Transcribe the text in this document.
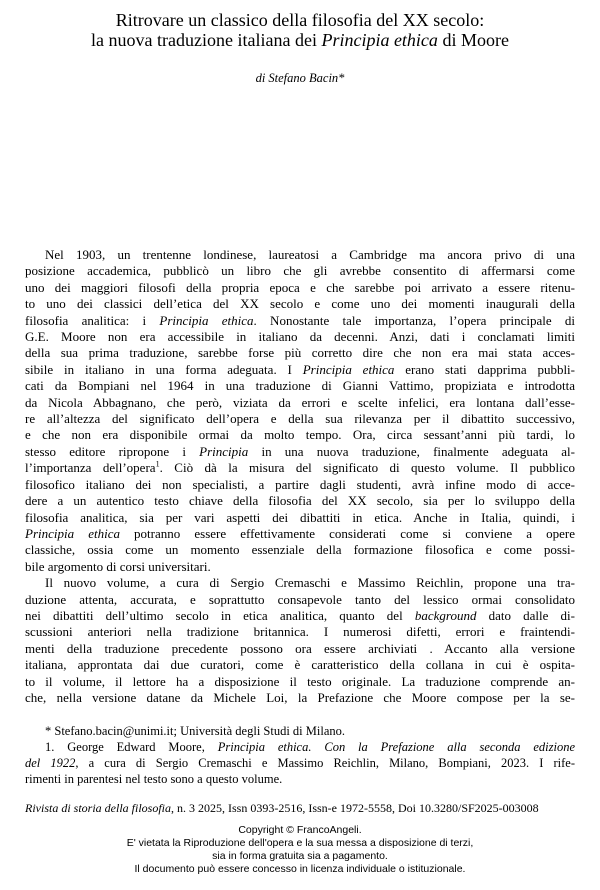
Ritrovare un classico della filosofia del XX secolo:
la nuova traduzione italiana dei Principia ethica di Moore
di Stefano Bacin*
Nel 1903, un trentenne londinese, laureatosi a Cambridge ma ancora privo di una
posizione accademica, pubblicò un libro che gli avrebbe consentito di affermarsi come
uno dei maggiori filosofi della propria epoca e che sarebbe poi arrivato a essere ritenu-
to uno dei classici dell’etica del XX secolo e come uno dei momenti inaugurali della
filosofia analitica: i Principia ethica. Nonostante tale importanza, l’opera principale di
G.E. Moore non era accessibile in italiano da decenni. Anzi, dati i conclamati limiti
della sua prima traduzione, sarebbe forse più corretto dire che non era mai stata acces-
sibile in italiano in una forma adeguata. I Principia ethica erano stati dapprima pubbli-
cati da Bompiani nel 1964 in una traduzione di Gianni Vattimo, propiziata e introdotta
da Nicola Abbagnano, che però, viziata da errori e scelte infelici, era lontana dall’esse-
re all’altezza del significato dell’opera e della sua rilevanza per il dibattito successivo,
e che non era disponibile ormai da molto tempo. Ora, circa sessant’anni più tardi, lo
stesso editore ripropone i Principia in una nuova traduzione, finalmente adeguata al-
l’importanza dell’opera$^1$. Ciò dà la misura del significato di questo volume. Il pubblico
filosofico italiano dei non specialisti, a partire dagli studenti, avrà infine modo di acce-
dere a un autentico testo chiave della filosofia del XX secolo, sia per lo sviluppo della
filosofia analitica, sia per vari aspetti dei dibattiti in etica. Anche in Italia, quindi, i
Principia ethica potranno essere effettivamente considerati come si conviene a opere
classiche, ossia come un momento essenziale della formazione filosofica e come possi-
bile argomento di corsi universitari.
Il nuovo volume, a cura di Sergio Cremaschi e Massimo Reichlin, propone una tra-
duzione attenta, accurata, e soprattutto consapevole tanto del lessico ormai consolidato
nei dibattiti dell’ultimo secolo in etica analitica, quanto del background dato dalle di-
scussioni anteriori nella tradizione britannica. I numerosi difetti, errori e fraintendi-
menti della traduzione precedente possono ora essere archiviati . Accanto alla versione
italiana, approntata dai due curatori, come è caratteristico della collana in cui è ospita-
to il volume, il lettore ha a disposizione il testo originale. La traduzione comprende an-
che, nella versione datane da Michele Loi, la Prefazione che Moore compose per la se-
* Stefano.bacin@unimi.it; Università degli Studi di Milano.
1. George Edward Moore, Principia ethica. Con la Prefazione alla seconda edizione
del 1922, a cura di Sergio Cremaschi e Massimo Reichlin, Milano, Bompiani, 2023. I rife-
rimenti in parentesi nel testo sono a questo volume.
Rivista di storia della filosofia, n. 3 2025, Issn 0393-2516, Issn-e 1972-5558, Doi 10.3280/SF2025-003008
Copyright © FrancoAngeli.
E' vietata la Riproduzione dell'opera e la sua messa a disposizione di terzi,
sia in forma gratuita sia a pagamento.
Il documento può essere concesso in licenza individuale o istituzionale.
